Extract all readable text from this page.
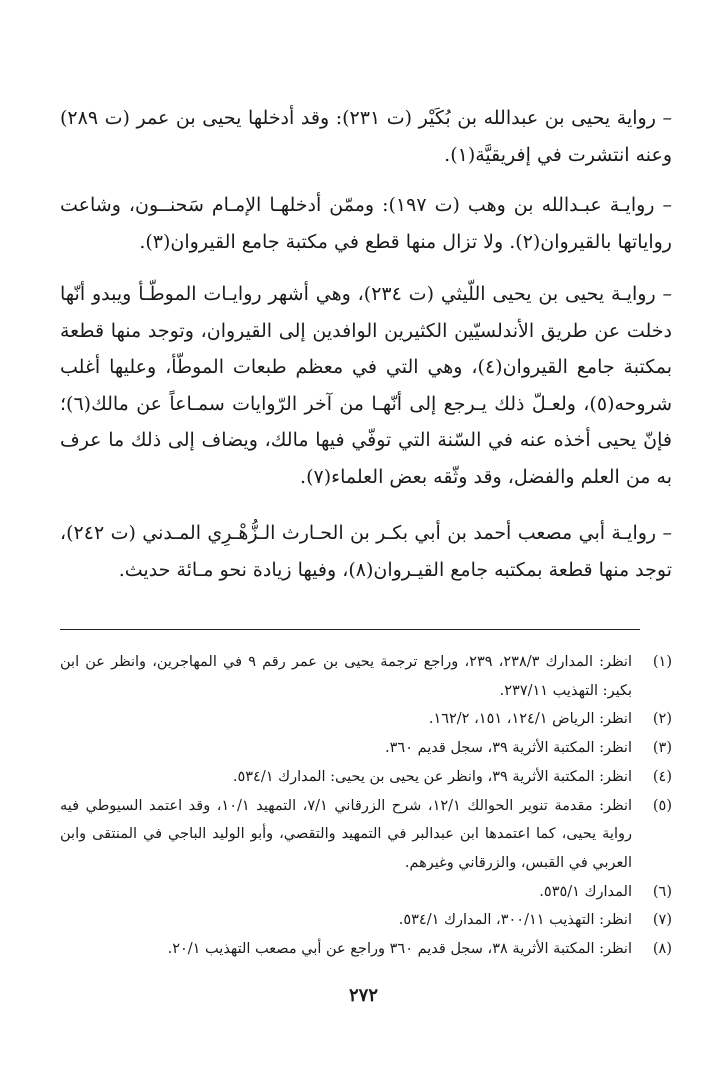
– رواية يحيى بن عبدالله بن بُكَيْر (ت ٢٣١): وقد أدخلها يحيى بن عمر (ت ٢٨٩) وعنه انتشرت في إفريقيَّة(١).

– روايـة عبـدالله بن وهب (ت ١٩٧): وممّن أدخلهـا الإمـام سَحنــون، وشاعت رواياتها بالقيروان(٢). ولا تزال منها قطع في مكتبة جامع القيروان(٣).

– روايـة يحيى بن يحيى اللّيثي (ت ٢٣٤)، وهي أشهر روايـات الموطّـأ ويبدو أنّها دخلت عن طريق الأندلسيّين الكثيرين الوافدين إلى القيروان، وتوجد منها قطعة بمكتبة جامع القيروان(٤)، وهي التي في معظم طبعات الموطّأ، وعليها أغلب شروحه(٥)، ولعـلّ ذلك يـرجع إلى أنّهـا من آخر الرّوايات سمـاعاً عن مالك(٦)؛ فإنّ يحيى أخذه عنه في السّنة التي توفّي فيها مالك، ويضاف إلى ذلك ما عرف به من العلم والفضل، وقد وثّقه بعض العلماء(٧).

– روايـة أبي مصعب أحمد بن أبي بكـر بن الحـارث الـزُّهْـرِي المـدني (ت ٢٤٢)، توجد منها قطعة بمكتبه جامع القيـروان(٨)، وفيها زيادة نحو مـائة حديث.

(١)
انظر: المدارك ٢٣٨/٣، ٢٣٩، وراجع ترجمة يحيى بن عمر رقم ٩ في المهاجرين، وانظر عن ابن بكير: التهذيب ٢٣٧/١١.
(٢)
انظر: الرياض ١٢٤/١، ١٥١، ١٦٢/٢.
(٣)
انظر: المكتبة الأثرية ٣٩، سجل قديم ٣٦٠.
(٤)
انظر: المكتبة الأثرية ٣٩، وانظر عن يحيى بن يحيى: المدارك ٥٣٤/١.
(٥)
انظر: مقدمة تنوير الحوالك ١٢/١، شرح الزرقاني ٧/١، التمهيد ١٠/١، وقد اعتمد السيوطي فيه رواية يحيى، كما اعتمدها ابن عبدالبر في التمهيد والتقصي، وأبو الوليد الباجي في المنتقى وابن العربي في القبس، والزرقاني وغيرهم.
(٦)
المدارك ٥٣٥/١.
(٧)
انظر: التهذيب ٣٠٠/١١، المدارك ٥٣٤/١.
(٨)
انظر: المكتبة الأثرية ٣٨، سجل قديم ٣٦٠ وراجع عن أبي مصعب التهذيب ٢٠/١.
٢٧٢
